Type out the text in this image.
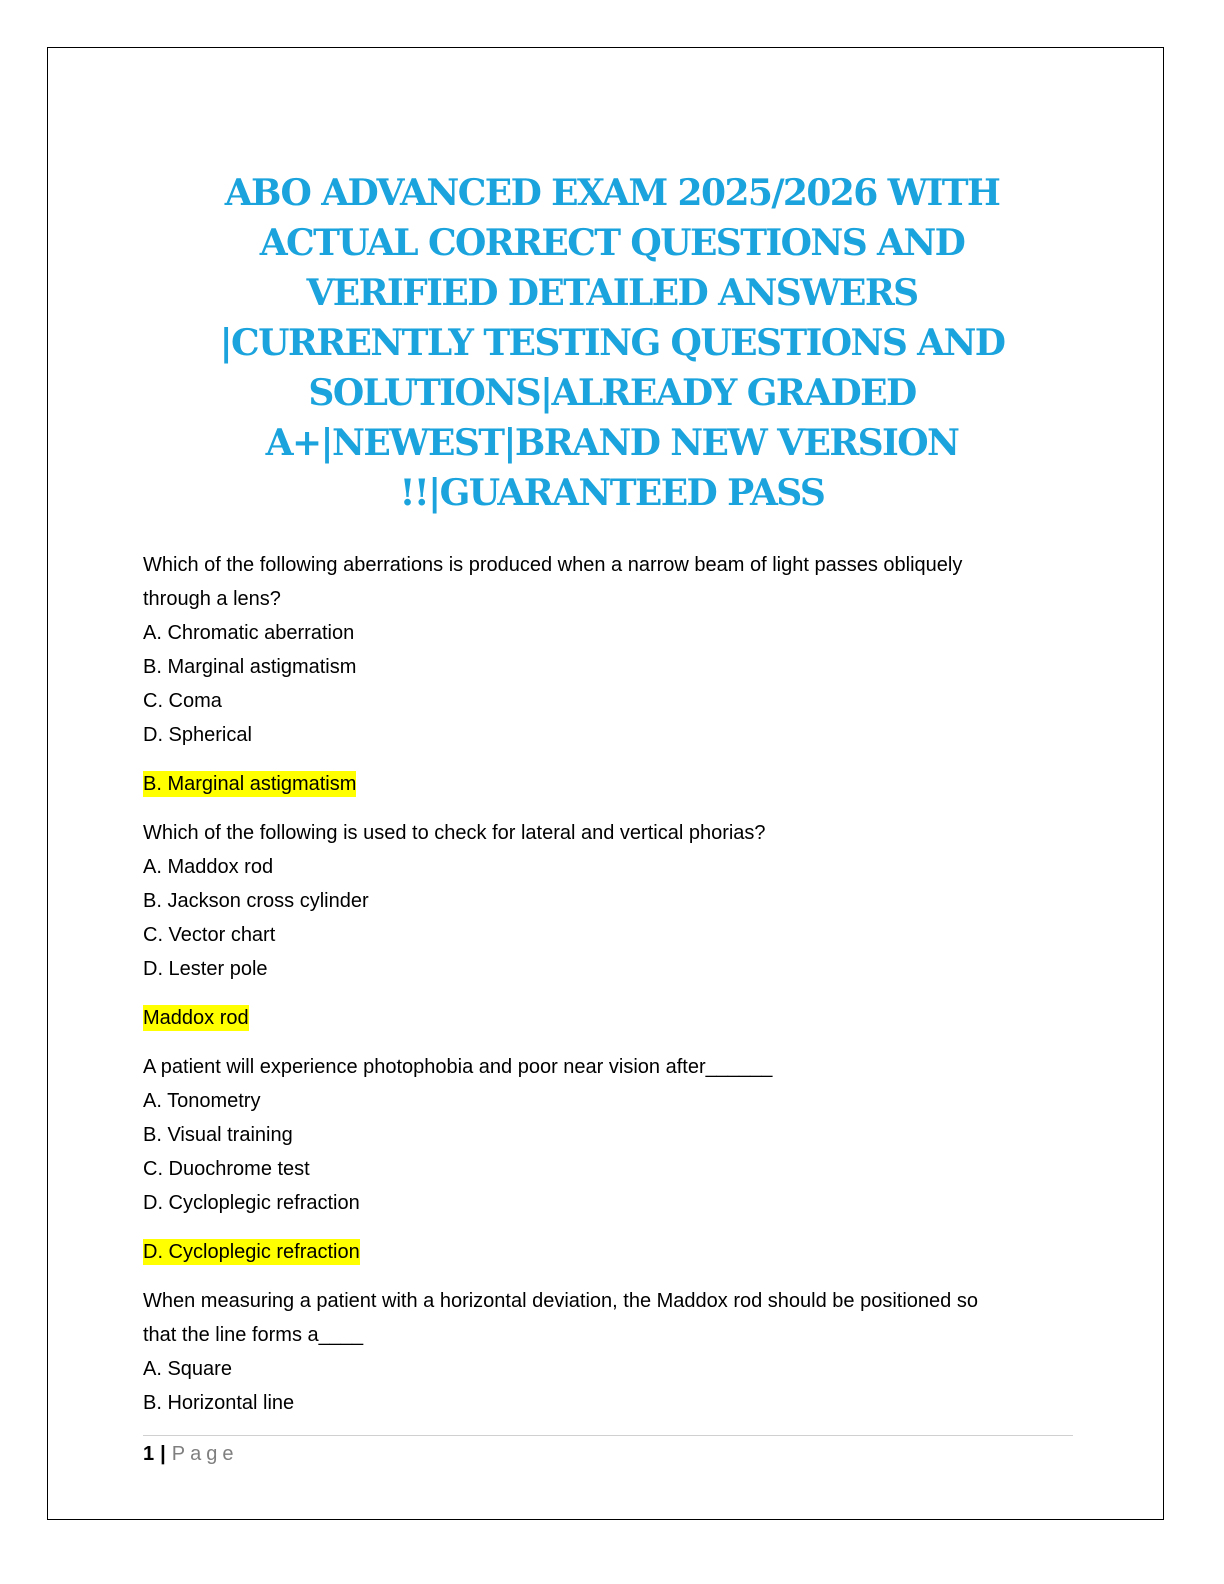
ABO ADVANCED EXAM 2025/2026 WITH
ACTUAL CORRECT QUESTIONS AND
VERIFIED DETAILED ANSWERS
|CURRENTLY TESTING QUESTIONS AND
SOLUTIONS|ALREADY GRADED
A+|NEWEST|BRAND NEW VERSION
!!|GUARANTEED PASS
Which of the following aberrations is produced when a narrow beam of light passes obliquely
through a lens?
A. Chromatic aberration
B. Marginal astigmatism
C. Coma
D. Spherical
B. Marginal astigmatism
Which of the following is used to check for lateral and vertical phorias?
A. Maddox rod
B. Jackson cross cylinder
C. Vector chart
D. Lester pole
Maddox rod
A patient will experience photophobia and poor near vision after______
A. Tonometry
B. Visual training
C. Duochrome test
D. Cycloplegic refraction
D. Cycloplegic refraction
When measuring a patient with a horizontal deviation, the Maddox rod should be positioned so
that the line forms a____
A. Square
B. Horizontal line
1 | Page
